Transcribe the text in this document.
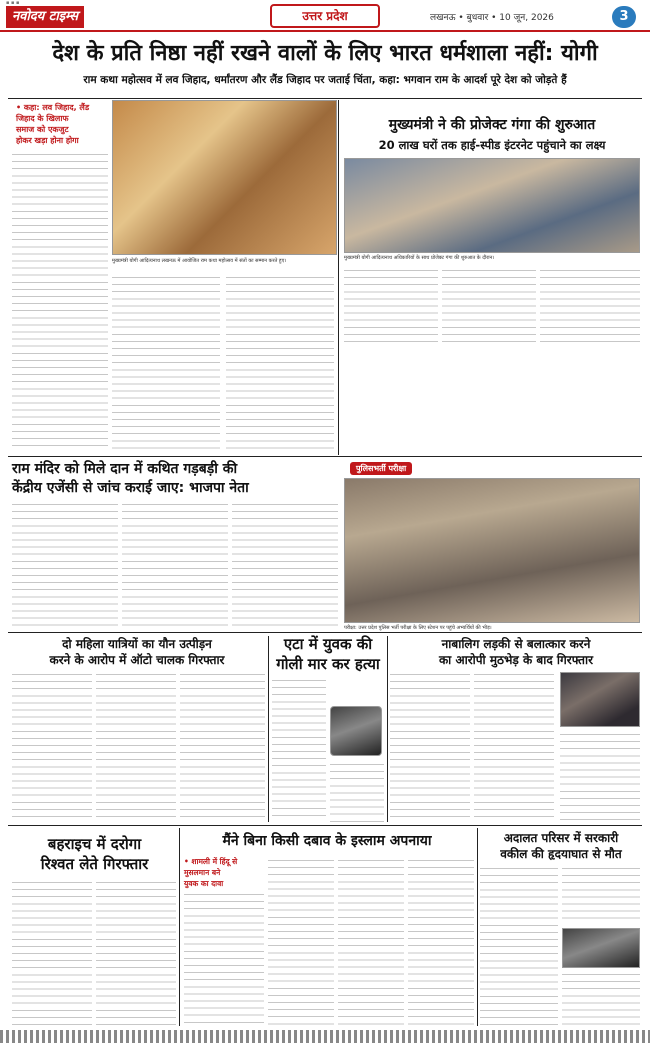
▪ ▪ ▪
नवोदय टाइम्स	उत्तर प्रदेश	लखनऊ • बुधवार • 10 जून, 2026	3
देश के प्रति निष्ठा नहीं रखने वालों के लिए भारत धर्मशाला नहीं: योगी
राम कथा महोत्सव में लव जिहाद, धर्मांतरण और लैंड जिहाद पर जताई चिंता, कहा: भगवान राम के आदर्श पूरे देश को जोड़ते हैं
• कहा: लव जिहाद, लैंड
जिहाद के खिलाफ
समाज को एकजुट
होकर खड़ा होना होगा
मुख्यमंत्री योगी आदित्यनाथ लखनऊ में आयोजित राम कथा महोत्सव में संतों का सम्मान करते हुए।
मुख्यमंत्री ने की प्रोजेक्ट गंगा की शुरुआत
20 लाख घरों तक हाई-स्पीड इंटरनेट पहुंचाने का लक्ष्य
मुख्यमंत्री योगी आदित्यनाथ अधिकारियों के साथ प्रोजेक्ट गंगा की शुरुआत के दौरान।
राम मंदिर को मिले दान में कथित गड़बड़ी की
केंद्रीय एजेंसी से जांच कराई जाए: भाजपा नेता
पुलिसभर्ती परीक्षा
परीक्षा: उत्तर प्रदेश पुलिस भर्ती परीक्षा के लिए स्टेशन पर पहुंचे अभ्यर्थियों की भीड़।
दो महिला यात्रियों का यौन उत्पीड़न
करने के आरोप में ऑटो चालक गिरफ्तार
एटा में युवक की
गोली मार कर हत्या
नाबालिग लड़की से बलात्कार करने
का आरोपी मुठभेड़ के बाद गिरफ्तार
बहराइच में दरोगा
रिश्वत लेते गिरफ्तार
मैंने बिना किसी दबाव के इस्लाम अपनाया
• शामली में हिंदू से
मुसलमान बने
युवक का दावा
अदालत परिसर में सरकारी
वकील की हृदयाघात से मौत
